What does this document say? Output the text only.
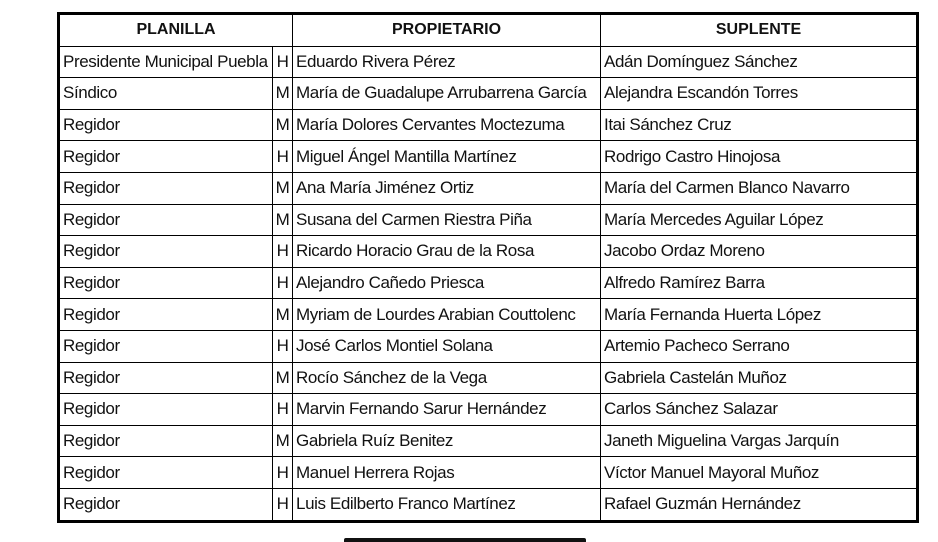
PLANILLA		PROPIETARIO	SUPLENTE
Presidente Municipal Puebla	H	Eduardo Rivera Pérez	Adán Domínguez Sánchez
Síndico	M	María de Guadalupe Arrubarrena García	Alejandra Escandón Torres
Regidor	M	María Dolores Cervantes Moctezuma	Itai Sánchez Cruz
Regidor	H	Miguel Ángel Mantilla Martínez	Rodrigo Castro Hinojosa
Regidor	M	Ana María Jiménez Ortiz	María del Carmen Blanco Navarro
Regidor	M	Susana del Carmen Riestra Piña	María Mercedes Aguilar López
Regidor	H	Ricardo Horacio Grau de la Rosa	Jacobo Ordaz Moreno
Regidor	H	Alejandro Cañedo Priesca	Alfredo Ramírez Barra
Regidor	M	Myriam de Lourdes Arabian Couttolenc	María Fernanda Huerta López
Regidor	H	José Carlos Montiel Solana	Artemio Pacheco Serrano
Regidor	M	Rocío Sánchez de la Vega	Gabriela Castelán Muñoz
Regidor	H	Marvin Fernando Sarur Hernández	Carlos Sánchez Salazar
Regidor	M	Gabriela Ruíz Benitez	Janeth Miguelina Vargas Jarquín
Regidor	H	Manuel Herrera Rojas	Víctor Manuel Mayoral Muñoz
Regidor	H	Luis Edilberto Franco Martínez	Rafael Guzmán Hernández
